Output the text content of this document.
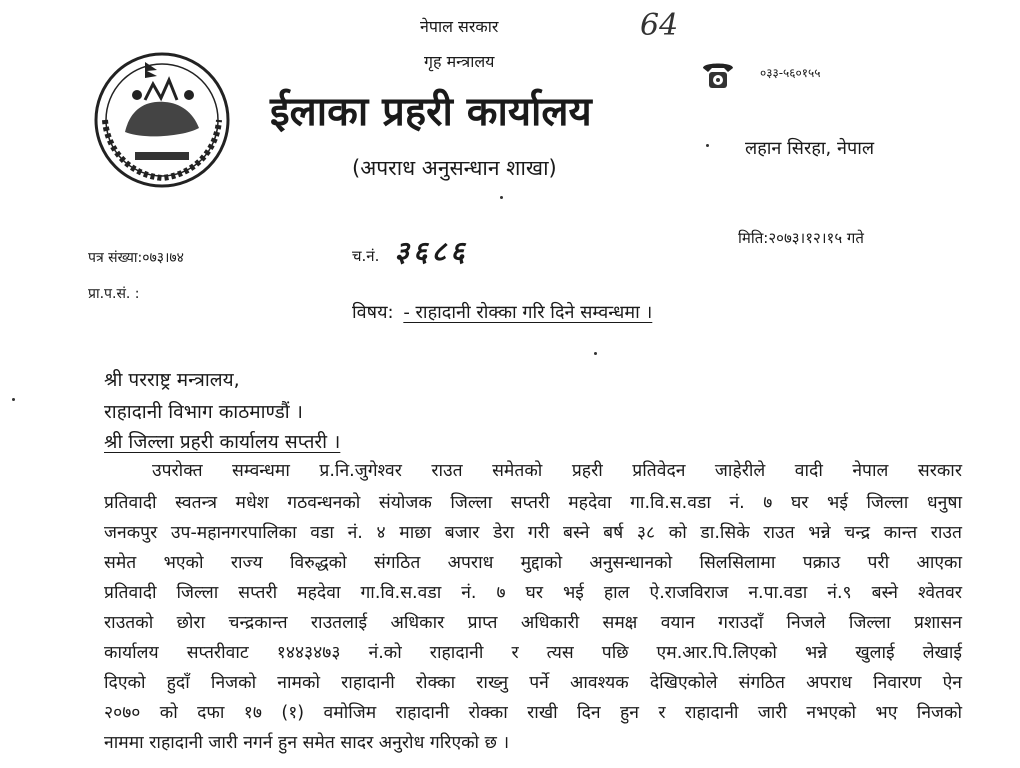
64
नेपाल सरकार
गृह मन्त्रालय
ईलाका प्रहरी कार्यालय
(अपराध अनुसन्धान शाखा)
०३३-५६०१५५
लहान सिरहा, नेपाल
पत्र संख्या:०७३।७४	च.नं. ३६८६	मिति:२०७३।१२।१५ गते
प्रा.प.सं. :
विषय: - राहादानी रोक्का गरि दिने सम्वन्धमा ।
श्री परराष्ट्र मन्त्रालय,
राहादानी विभाग काठमाण्डौं ।
श्री जिल्ला प्रहरी कार्यालय सप्तरी ।
उपरोक्त सम्वन्धमा प्र.नि.जुगेश्वर राउत समेतको प्रहरी प्रतिवेदन जाहेरीले वादी नेपाल सरकार
प्रतिवादी स्वतन्त्र मधेश गठवन्धनको संयोजक जिल्ला सप्तरी महदेवा गा.वि.स.वडा नं. ७ घर भई जिल्ला धनुषा
जनकपुर उप-महानगरपालिका वडा नं. ४ माछा बजार डेरा गरी बस्ने बर्ष ३८ को डा.सिके राउत भन्ने चन्द्र कान्त राउत
समेत भएको राज्य विरुद्धको संगठित अपराध मुद्दाको अनुसन्धानको सिलसिलामा पक्राउ परी आएका
प्रतिवादी जिल्ला सप्तरी महदेवा गा.वि.स.वडा नं. ७ घर भई हाल ऐ.राजविराज न.पा.वडा नं.९ बस्ने श्वेतवर
राउतको छोरा चन्द्रकान्त राउतलाई अधिकार प्राप्त अधिकारी समक्ष वयान गराउदाँ निजले जिल्ला प्रशासन
कार्यालय सप्तरीवाट १४४३४७३ नं.को राहादानी र त्यस पछि एम.आर.पि.लिएको भन्ने खुलाई लेखाई
दिएको हुदाँ निजको नामको राहादानी रोक्का राख्नु पर्ने आवश्यक देखिएकोले संगठित अपराध निवारण ऐन
२०७० को दफा १७ (१) वमोजिम राहादानी रोक्का राखी दिन हुन र राहादानी जारी नभएको भए निजको
नाममा राहादानी जारी नगर्न हुन समेत सादर अनुरोध गरिएको छ ।
